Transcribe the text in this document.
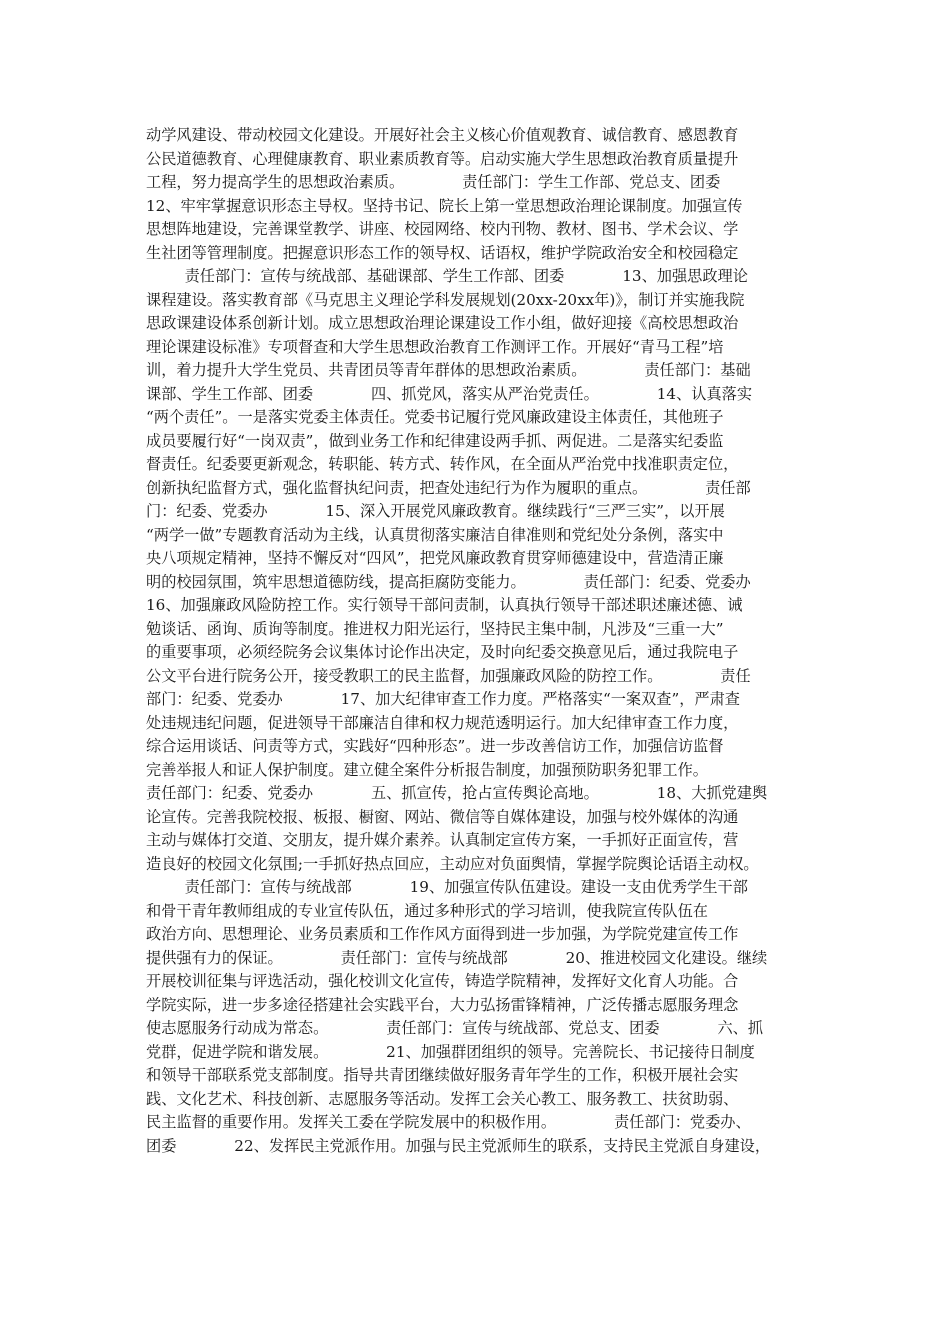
动学风建设、带动校园文化建设。开展好社会主义核心价值观教育、诚信教育、感恩教育
公民道德教育、心理健康教育、职业素质教育等。启动实施大学生思想政治教育质量提升
工程，努力提高学生的思想政治素质。            责任部门：学生工作部、党总支、团委
12、牢牢掌握意识形态主导权。坚持书记、院长上第一堂思想政治理论课制度。加强宣传
思想阵地建设，完善课堂教学、讲座、校园网络、校内刊物、教材、图书、学术会议、学
生社团等管理制度。把握意识形态工作的领导权、话语权，维护学院政治安全和校园稳定
责任部门：宣传与统战部、基础课部、学生工作部、团委            13、加强思政理论
课程建设。落实教育部《马克思主义理论学科发展规划(20xx-20xx年)》，制订并实施我院
思政课建设体系创新计划。成立思想政治理论课建设工作小组，做好迎接《高校思想政治
理论课建设标准》专项督查和大学生思想政治教育工作测评工作。开展好“青马工程”培
训，着力提升大学生党员、共青团员等青年群体的思想政治素质。            责任部门：基础
课部、学生工作部、团委            四、抓党风，落实从严治党责任。            14、认真落实
“两个责任”。一是落实党委主体责任。党委书记履行党风廉政建设主体责任，其他班子
成员要履行好“一岗双责”，做到业务工作和纪律建设两手抓、两促进。二是落实纪委监
督责任。纪委要更新观念，转职能、转方式、转作风，在全面从严治党中找准职责定位，
创新执纪监督方式，强化监督执纪问责，把查处违纪行为作为履职的重点。            责任部
门：纪委、党委办            15、深入开展党风廉政教育。继续践行“三严三实”，以开展
“两学一做”专题教育活动为主线，认真贯彻落实廉洁自律准则和党纪处分条例，落实中
央八项规定精神，坚持不懈反对“四风”，把党风廉政教育贯穿师德建设中，营造清正廉
明的校园氛围，筑牢思想道德防线，提高拒腐防变能力。            责任部门：纪委、党委办
16、加强廉政风险防控工作。实行领导干部问责制，认真执行领导干部述职述廉述德、诫
勉谈话、函询、质询等制度。推进权力阳光运行，坚持民主集中制，凡涉及“三重一大”
的重要事项，必须经院务会议集体讨论作出决定，及时向纪委交换意见后，通过我院电子
公文平台进行院务公开，接受教职工的民主监督，加强廉政风险的防控工作。            责任
部门：纪委、党委办            17、加大纪律审查工作力度。严格落实“一案双查”，严肃查
处违规违纪问题，促进领导干部廉洁自律和权力规范透明运行。加大纪律审查工作力度，
综合运用谈话、问责等方式，实践好“四种形态”。进一步改善信访工作，加强信访监督
完善举报人和证人保护制度。建立健全案件分析报告制度，加强预防职务犯罪工作。
责任部门：纪委、党委办            五、抓宣传，抢占宣传舆论高地。            18、大抓党建舆
论宣传。完善我院校报、板报、橱窗、网站、微信等自媒体建设，加强与校外媒体的沟通
主动与媒体打交道、交朋友，提升媒介素养。认真制定宣传方案，一手抓好正面宣传，营
造良好的校园文化氛围;一手抓好热点回应，主动应对负面舆情，掌握学院舆论话语主动权。
责任部门：宣传与统战部            19、加强宣传队伍建设。建设一支由优秀学生干部
和骨干青年教师组成的专业宣传队伍，通过多种形式的学习培训，使我院宣传队伍在
政治方向、思想理论、业务员素质和工作作风方面得到进一步加强，为学院党建宣传工作
提供强有力的保证。            责任部门：宣传与统战部            20、推进校园文化建设。继续
开展校训征集与评选活动，强化校训文化宣传，铸造学院精神，发挥好文化育人功能。合
学院实际，进一步多途径搭建社会实践平台，大力弘扬雷锋精神，广泛传播志愿服务理念
使志愿服务行动成为常态。            责任部门：宣传与统战部、党总支、团委            六、抓
党群，促进学院和谐发展。            21、加强群团组织的领导。完善院长、书记接待日制度
和领导干部联系党支部制度。指导共青团继续做好服务青年学生的工作，积极开展社会实
践、文化艺术、科技创新、志愿服务等活动。发挥工会关心教工、服务教工、扶贫助弱、
民主监督的重要作用。发挥关工委在学院发展中的积极作用。            责任部门：党委办、
团委            22、发挥民主党派作用。加强与民主党派师生的联系，支持民主党派自身建设，
